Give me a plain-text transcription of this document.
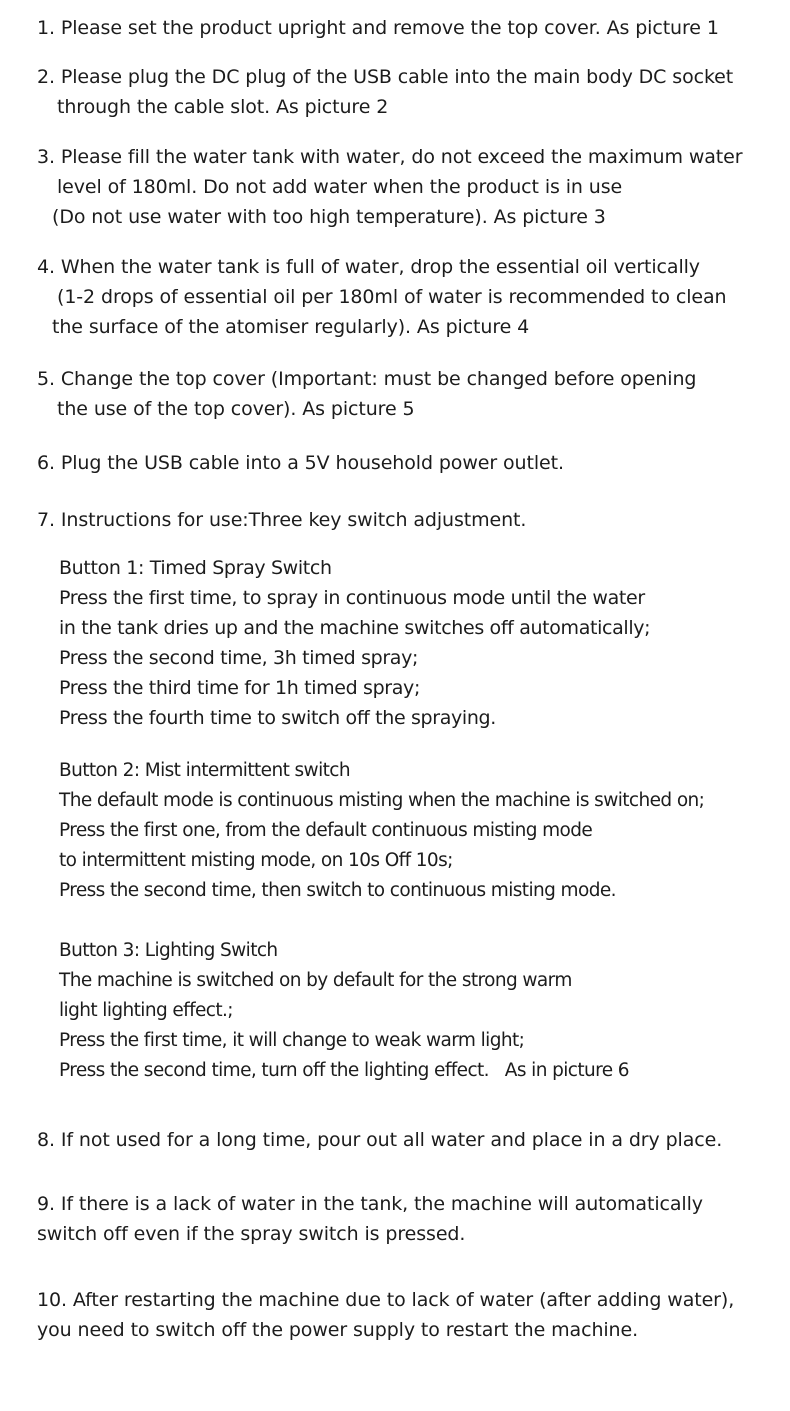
1. Please set the product upright and remove the top cover. As picture 1
2. Please plug the DC plug of the USB cable into the main body DC socket
through the cable slot. As picture 2
3. Please fill the water tank with water, do not exceed the maximum water
level of 180ml. Do not add water when the product is in use
(Do not use water with too high temperature). As picture 3
4. When the water tank is full of water, drop the essential oil vertically
(1-2 drops of essential oil per 180ml of water is recommended to clean
the surface of the atomiser regularly). As picture 4
5. Change the top cover (Important: must be changed before opening
the use of the top cover). As picture 5
6. Plug the USB cable into a 5V household power outlet.
7. Instructions for use:Three key switch adjustment.
Button 1: Timed Spray Switch
Press the first time, to spray in continuous mode until the water
in the tank dries up and the machine switches off automatically;
Press the second time, 3h timed spray;
Press the third time for 1h timed spray;
Press the fourth time to switch off the spraying.
Button 2: Mist intermittent switch
The default mode is continuous misting when the machine is switched on;
Press the first one, from the default continuous misting mode
to intermittent misting mode, on 10s Off 10s;
Press the second time, then switch to continuous misting mode.
Button 3: Lighting Switch
The machine is switched on by default for the strong warm
light lighting effect.;
Press the first time, it will change to weak warm light;
Press the second time, turn off the lighting effect.   As in picture 6
8. If not used for a long time, pour out all water and place in a dry place.
9. If there is a lack of water in the tank, the machine will automatically
switch off even if the spray switch is pressed.
10. After restarting the machine due to lack of water (after adding water),
you need to switch off the power supply to restart the machine.
